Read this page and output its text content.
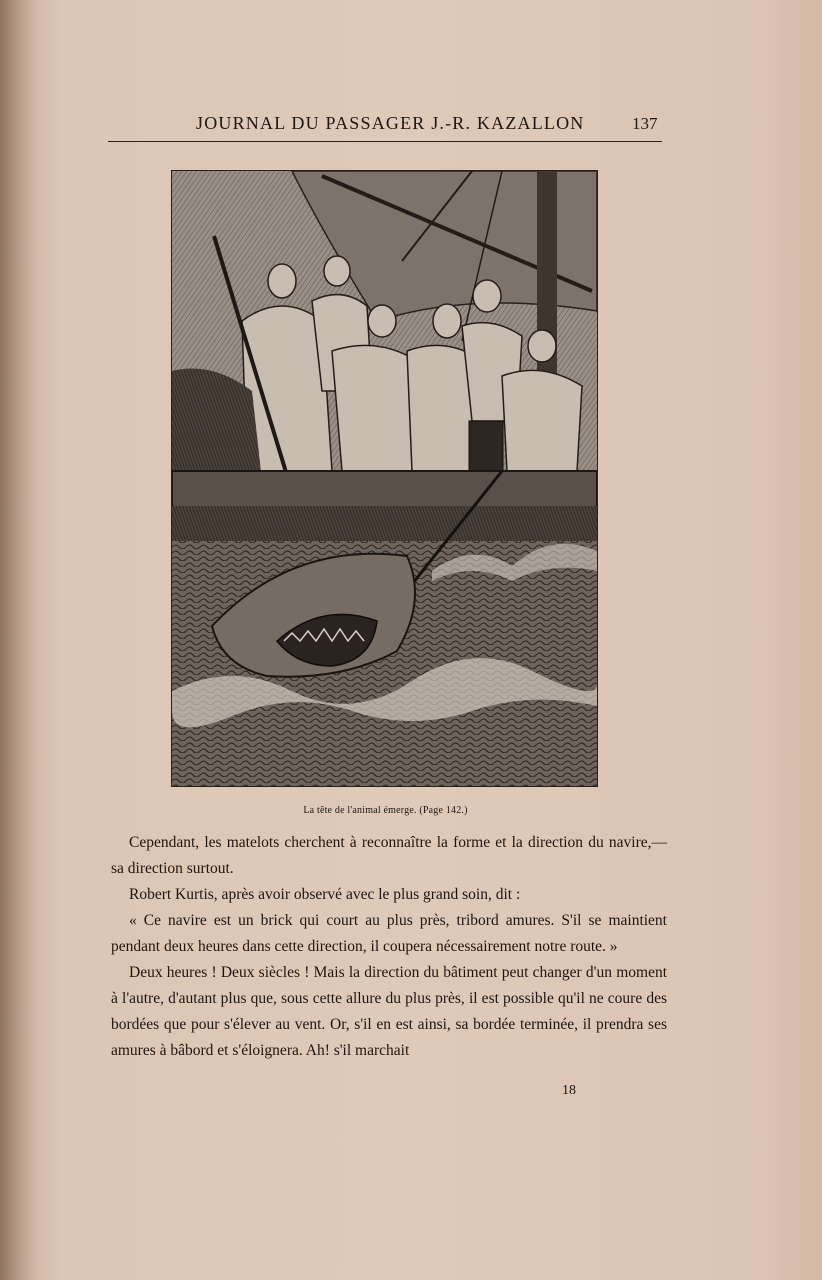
JOURNAL DU PASSAGER J.-R. KAZALLON	137
La tête de l'animal émerge. (Page 142.)

Cependant, les matelots cherchent à reconnaître la forme et la direction du navire,— sa direction surtout.

Robert Kurtis, après avoir observé avec le plus grand soin, dit :

« Ce navire est un brick qui court au plus près, tribord amures. S'il se maintient pendant deux heures dans cette direction, il coupera nécessairement notre route. »

Deux heures ! Deux siècles ! Mais la direction du bâtiment peut changer d'un moment à l'autre, d'autant plus que, sous cette allure du plus près, il est possible qu'il ne coure des bordées que pour s'élever au vent. Or, s'il en est ainsi, sa bordée terminée, il prendra ses amures à bâbord et s'éloignera. Ah! s'il marchait

18
